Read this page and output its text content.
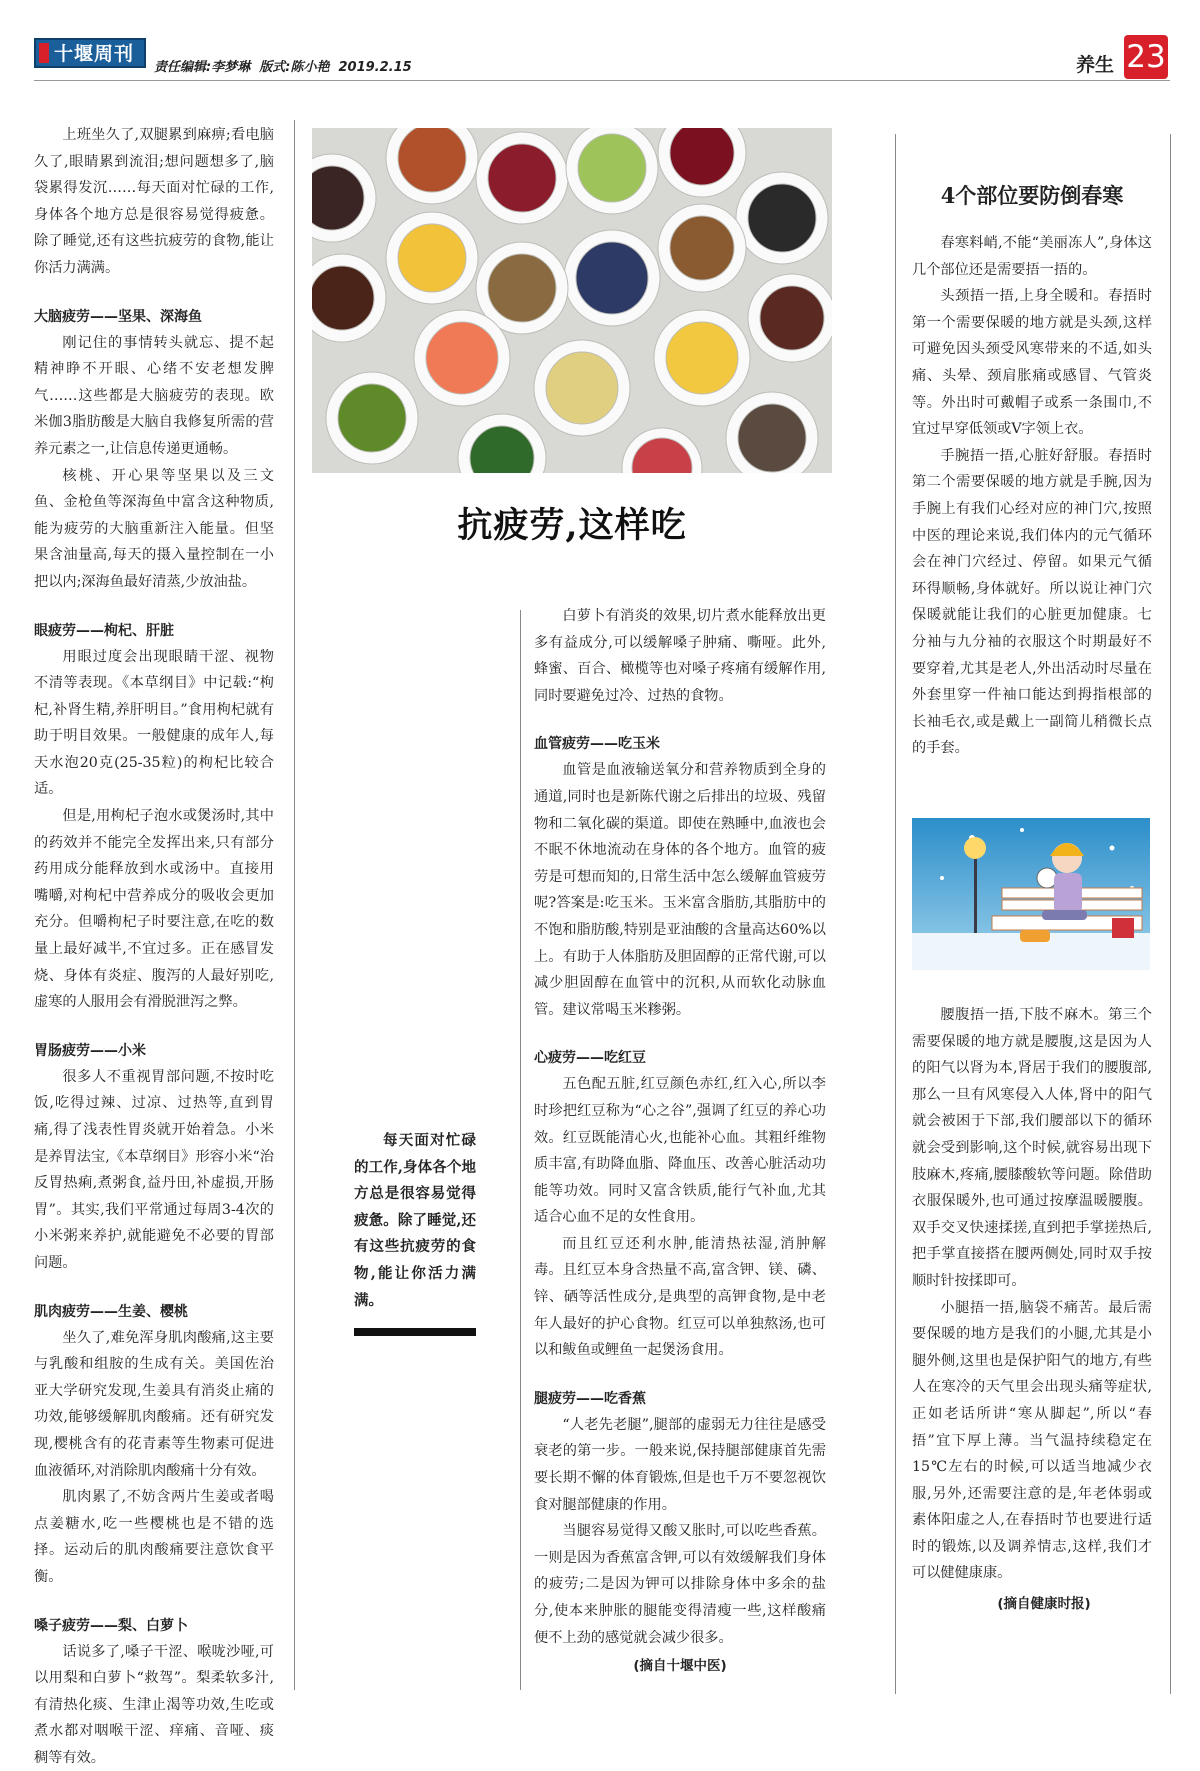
十堰周刊
责任编辑:李梦琳  版式:陈小艳  2019.2.15	养生 23

上班坐久了,双腿累到麻痹;看电脑久了,眼睛累到流泪;想问题想多了,脑袋累得发沉……每天面对忙碌的工作,身体各个地方总是很容易觉得疲惫。除了睡觉,还有这些抗疲劳的食物,能让你活力满满。

大脑疲劳——坚果、深海鱼

刚记住的事情转头就忘、提不起精神睁不开眼、心绪不安老想发脾气……这些都是大脑疲劳的表现。欧米伽3脂肪酸是大脑自我修复所需的营养元素之一,让信息传递更通畅。

核桃、开心果等坚果以及三文鱼、金枪鱼等深海鱼中富含这种物质,能为疲劳的大脑重新注入能量。但坚果含油量高,每天的摄入量控制在一小把以内;深海鱼最好清蒸,少放油盐。

眼疲劳——枸杞、肝脏

用眼过度会出现眼睛干涩、视物不清等表现。《本草纲目》中记载:“枸杞,补肾生精,养肝明目。”食用枸杞就有助于明目效果。一般健康的成年人,每天水泡20克(25-35粒)的枸杞比较合适。

但是,用枸杞子泡水或煲汤时,其中的药效并不能完全发挥出来,只有部分药用成分能释放到水或汤中。直接用嘴嚼,对枸杞中营养成分的吸收会更加充分。但嚼枸杞子时要注意,在吃的数量上最好减半,不宜过多。正在感冒发烧、身体有炎症、腹泻的人最好别吃,虚寒的人服用会有滑脱泄泻之弊。

胃肠疲劳——小米

很多人不重视胃部问题,不按时吃饭,吃得过辣、过凉、过热等,直到胃痛,得了浅表性胃炎就开始着急。小米是养胃法宝,《本草纲目》形容小米“治反胃热痢,煮粥食,益丹田,补虚损,开肠胃”。其实,我们平常通过每周3-4次的小米粥来养护,就能避免不必要的胃部问题。

肌肉疲劳——生姜、樱桃

坐久了,难免浑身肌肉酸痛,这主要与乳酸和组胺的生成有关。美国佐治亚大学研究发现,生姜具有消炎止痛的功效,能够缓解肌肉酸痛。还有研究发现,樱桃含有的花青素等生物素可促进血液循环,对消除肌肉酸痛十分有效。

肌肉累了,不妨含两片生姜或者喝点姜糖水,吃一些樱桃也是不错的选择。运动后的肌肉酸痛要注意饮食平衡。

嗓子疲劳——梨、白萝卜

话说多了,嗓子干涩、喉咙沙哑,可以用梨和白萝卜“救驾”。梨柔软多汁,有清热化痰、生津止渴等功效,生吃或煮水都对咽喉干涩、痒痛、音哑、痰稠等有效。

抗疲劳,这样吃

每天面对忙碌的工作,身体各个地方总是很容易觉得疲惫。除了睡觉,还有这些抗疲劳的食物,能让你活力满满。

白萝卜有消炎的效果,切片煮水能释放出更多有益成分,可以缓解嗓子肿痛、嘶哑。此外,蜂蜜、百合、橄榄等也对嗓子疼痛有缓解作用,同时要避免过冷、过热的食物。

血管疲劳——吃玉米

血管是血液输送氧分和营养物质到全身的通道,同时也是新陈代谢之后排出的垃圾、残留物和二氧化碳的渠道。即使在熟睡中,血液也会不眠不休地流动在身体的各个地方。血管的疲劳是可想而知的,日常生活中怎么缓解血管疲劳呢?答案是:吃玉米。玉米富含脂肪,其脂肪中的不饱和脂肪酸,特别是亚油酸的含量高达60%以上。有助于人体脂肪及胆固醇的正常代谢,可以减少胆固醇在血管中的沉积,从而软化动脉血管。建议常喝玉米糁粥。

心疲劳——吃红豆

五色配五脏,红豆颜色赤红,红入心,所以李时珍把红豆称为“心之谷”,强调了红豆的养心功效。红豆既能清心火,也能补心血。其粗纤维物质丰富,有助降血脂、降血压、改善心脏活动功能等功效。同时又富含铁质,能行气补血,尤其适合心血不足的女性食用。

而且红豆还利水肿,能清热祛湿,消肿解毒。且红豆本身含热量不高,富含钾、镁、磷、锌、硒等活性成分,是典型的高钾食物,是中老年人最好的护心食物。红豆可以单独熬汤,也可以和鲅鱼或鲤鱼一起煲汤食用。

腿疲劳——吃香蕉

“人老先老腿”,腿部的虚弱无力往往是感受衰老的第一步。一般来说,保持腿部健康首先需要长期不懈的体育锻炼,但是也千万不要忽视饮食对腿部健康的作用。

当腿容易觉得又酸又胀时,可以吃些香蕉。一则是因为香蕉富含钾,可以有效缓解我们身体的疲劳;二是因为钾可以排除身体中多余的盐分,使本来肿胀的腿能变得清瘦一些,这样酸痛便不上劲的感觉就会减少很多。

(摘自十堰中医)
4个部位要防倒春寒

春寒料峭,不能“美丽冻人”,身体这几个部位还是需要捂一捂的。

头颈捂一捂,上身全暖和。春捂时第一个需要保暖的地方就是头颈,这样可避免因头颈受风寒带来的不适,如头痛、头晕、颈肩胀痛或感冒、气管炎等。外出时可戴帽子或系一条围巾,不宜过早穿低领或V字领上衣。

手腕捂一捂,心脏好舒服。春捂时第二个需要保暖的地方就是手腕,因为手腕上有我们心经对应的神门穴,按照中医的理论来说,我们体内的元气循环会在神门穴经过、停留。如果元气循环得顺畅,身体就好。所以说让神门穴保暖就能让我们的心脏更加健康。七分袖与九分袖的衣服这个时期最好不要穿着,尤其是老人,外出活动时尽量在外套里穿一件袖口能达到拇指根部的长袖毛衣,或是戴上一副简儿稍微长点的手套。

腰腹捂一捂,下肢不麻木。第三个需要保暖的地方就是腰腹,这是因为人的阳气以肾为本,肾居于我们的腰腹部,那么一旦有风寒侵入人体,肾中的阳气就会被困于下部,我们腰部以下的循环就会受到影响,这个时候,就容易出现下肢麻木,疼痛,腰膝酸软等问题。除借助衣服保暖外,也可通过按摩温暖腰腹。双手交叉快速揉搓,直到把手掌搓热后,把手掌直接搭在腰两侧处,同时双手按顺时针按揉即可。

小腿捂一捂,脑袋不痛苦。最后需要保暖的地方是我们的小腿,尤其是小腿外侧,这里也是保护阳气的地方,有些人在寒冷的天气里会出现头痛等症状,正如老话所讲“寒从脚起”,所以“春捂”宜下厚上薄。当气温持续稳定在15℃左右的时候,可以适当地减少衣服,另外,还需要注意的是,年老体弱或素体阳虚之人,在春捂时节也要进行适时的锻炼,以及调养情志,这样,我们才可以健健康康。

(摘自健康时报)
